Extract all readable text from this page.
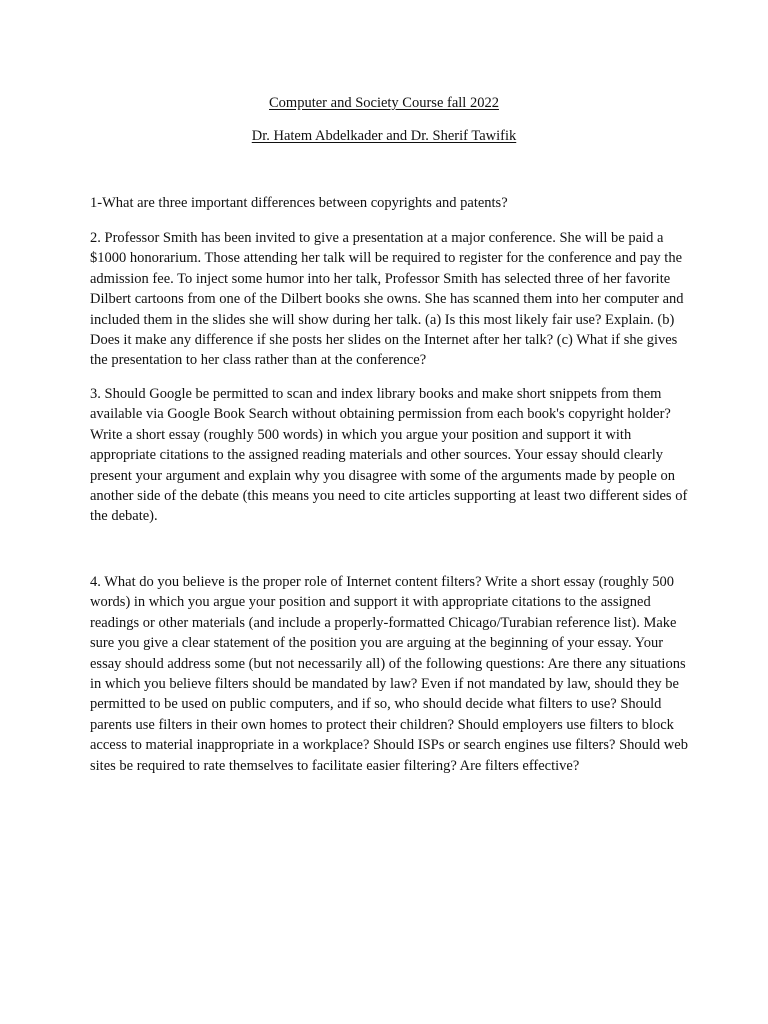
Computer and Society Course fall 2022
Dr. Hatem Abdelkader and Dr. Sherif Tawifik

1-What are three important differences between copyrights and patents?

2. Professor Smith has been invited to give a presentation at a major conference. She will be paid a $1000 honorarium. Those attending her talk will be required to register for the conference and pay the admission fee. To inject some humor into her talk, Professor Smith has selected three of her favorite Dilbert cartoons from one of the Dilbert books she owns. She has scanned them into her computer and included them in the slides she will show during her talk. (a) Is this most likely fair use? Explain. (b) Does it make any difference if she posts her slides on the Internet after her talk? (c) What if she gives the presentation to her class rather than at the conference?

3. Should Google be permitted to scan and index library books and make short snippets from them available via Google Book Search without obtaining permission from each book's copyright holder? Write a short essay (roughly 500 words) in which you argue your position and support it with appropriate citations to the assigned reading materials and other sources. Your essay should clearly present your argument and explain why you disagree with some of the arguments made by people on another side of the debate (this means you need to cite articles supporting at least two different sides of the debate).

4. What do you believe is the proper role of Internet content filters? Write a short essay (roughly 500 words) in which you argue your position and support it with appropriate citations to the assigned readings or other materials (and include a properly-formatted Chicago/Turabian reference list). Make sure you give a clear statement of the position you are arguing at the beginning of your essay. Your essay should address some (but not necessarily all) of the following questions: Are there any situations in which you believe filters should be mandated by law? Even if not mandated by law, should they be permitted to be used on public computers, and if so, who should decide what filters to use? Should parents use filters in their own homes to protect their children? Should employers use filters to block access to material inappropriate in a workplace? Should ISPs or search engines use filters? Should web sites be required to rate themselves to facilitate easier filtering? Are filters effective?
